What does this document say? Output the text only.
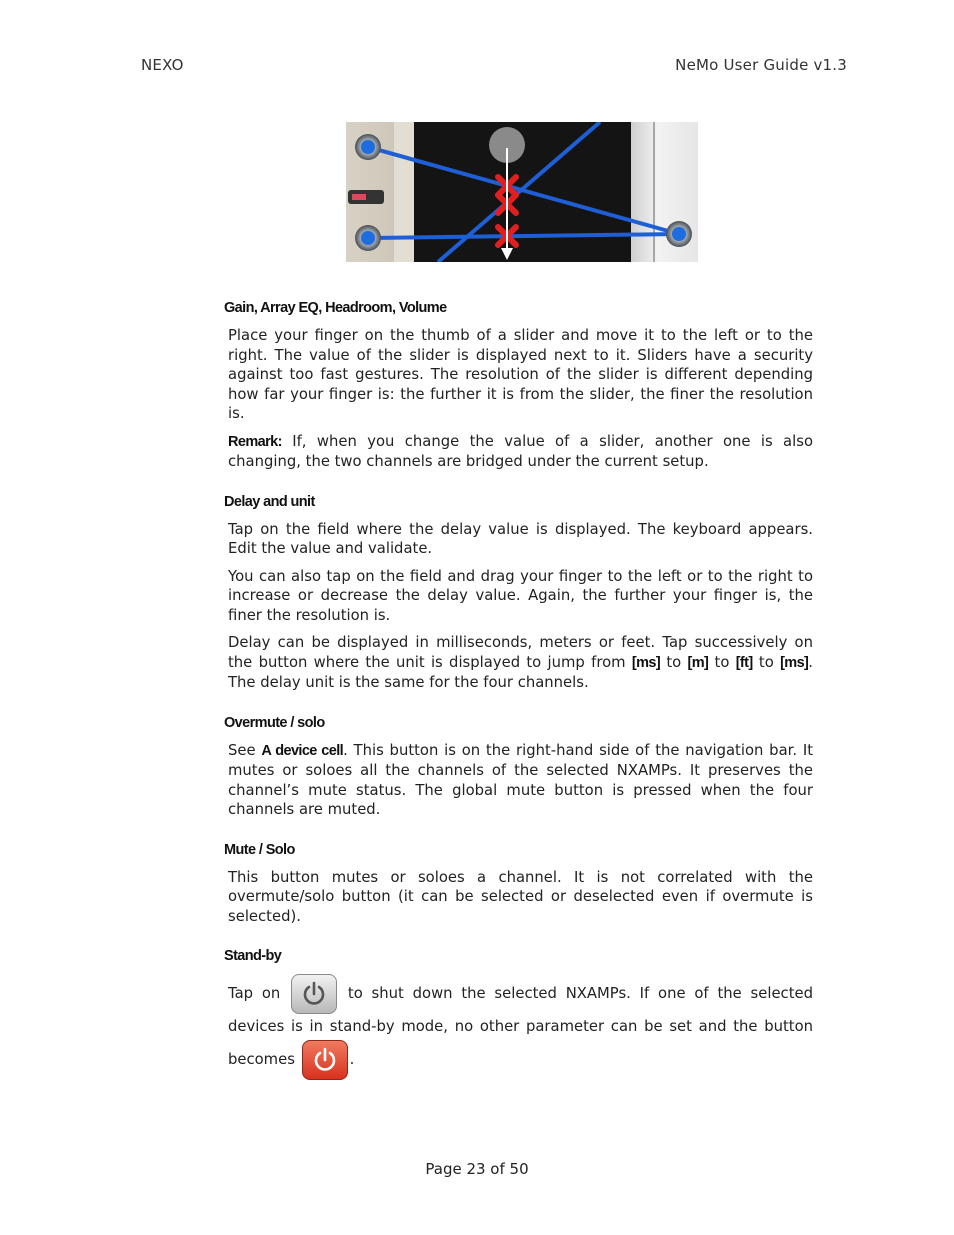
NEXO	NeMo User Guide v1.3
Gain, Array EQ, Headroom, Volume

Place your finger on the thumb of a slider and move it to the left or to the right. The value of the slider is displayed next to it. Sliders have a security against too fast gestures. The resolution of the slider is different depending how far your finger is: the further it is from the slider, the finer the resolution is.

Remark: If, when you change the value of a slider, another one is also changing, the two channels are bridged under the current setup.

Delay and unit

Tap on the field where the delay value is displayed. The keyboard appears. Edit the value and validate.

You can also tap on the field and drag your finger to the left or to the right to increase or decrease the delay value. Again, the further your finger is, the finer the resolution is.

Delay can be displayed in milliseconds, meters or feet. Tap successively on the button where the unit is displayed to jump from [ms] to [m] to [ft] to [ms]. The delay unit is the same for the four channels.

Overmute / solo

See A device cell. This button is on the right-hand side of the navigation bar. It mutes or soloes all the channels of the selected NXAMPs. It preserves the channel’s mute status. The global mute button is pressed when the four channels are muted.

Mute / Solo

This button mutes or soloes a channel. It is not correlated with the overmute/solo button (it can be selected or deselected even if overmute is selected).

Stand-by

Tap on	to shut down the selected NXAMPs. If one of the selected devices is in stand-by mode, no other parameter can be set and the button becomes	.

Page 23 of 50
